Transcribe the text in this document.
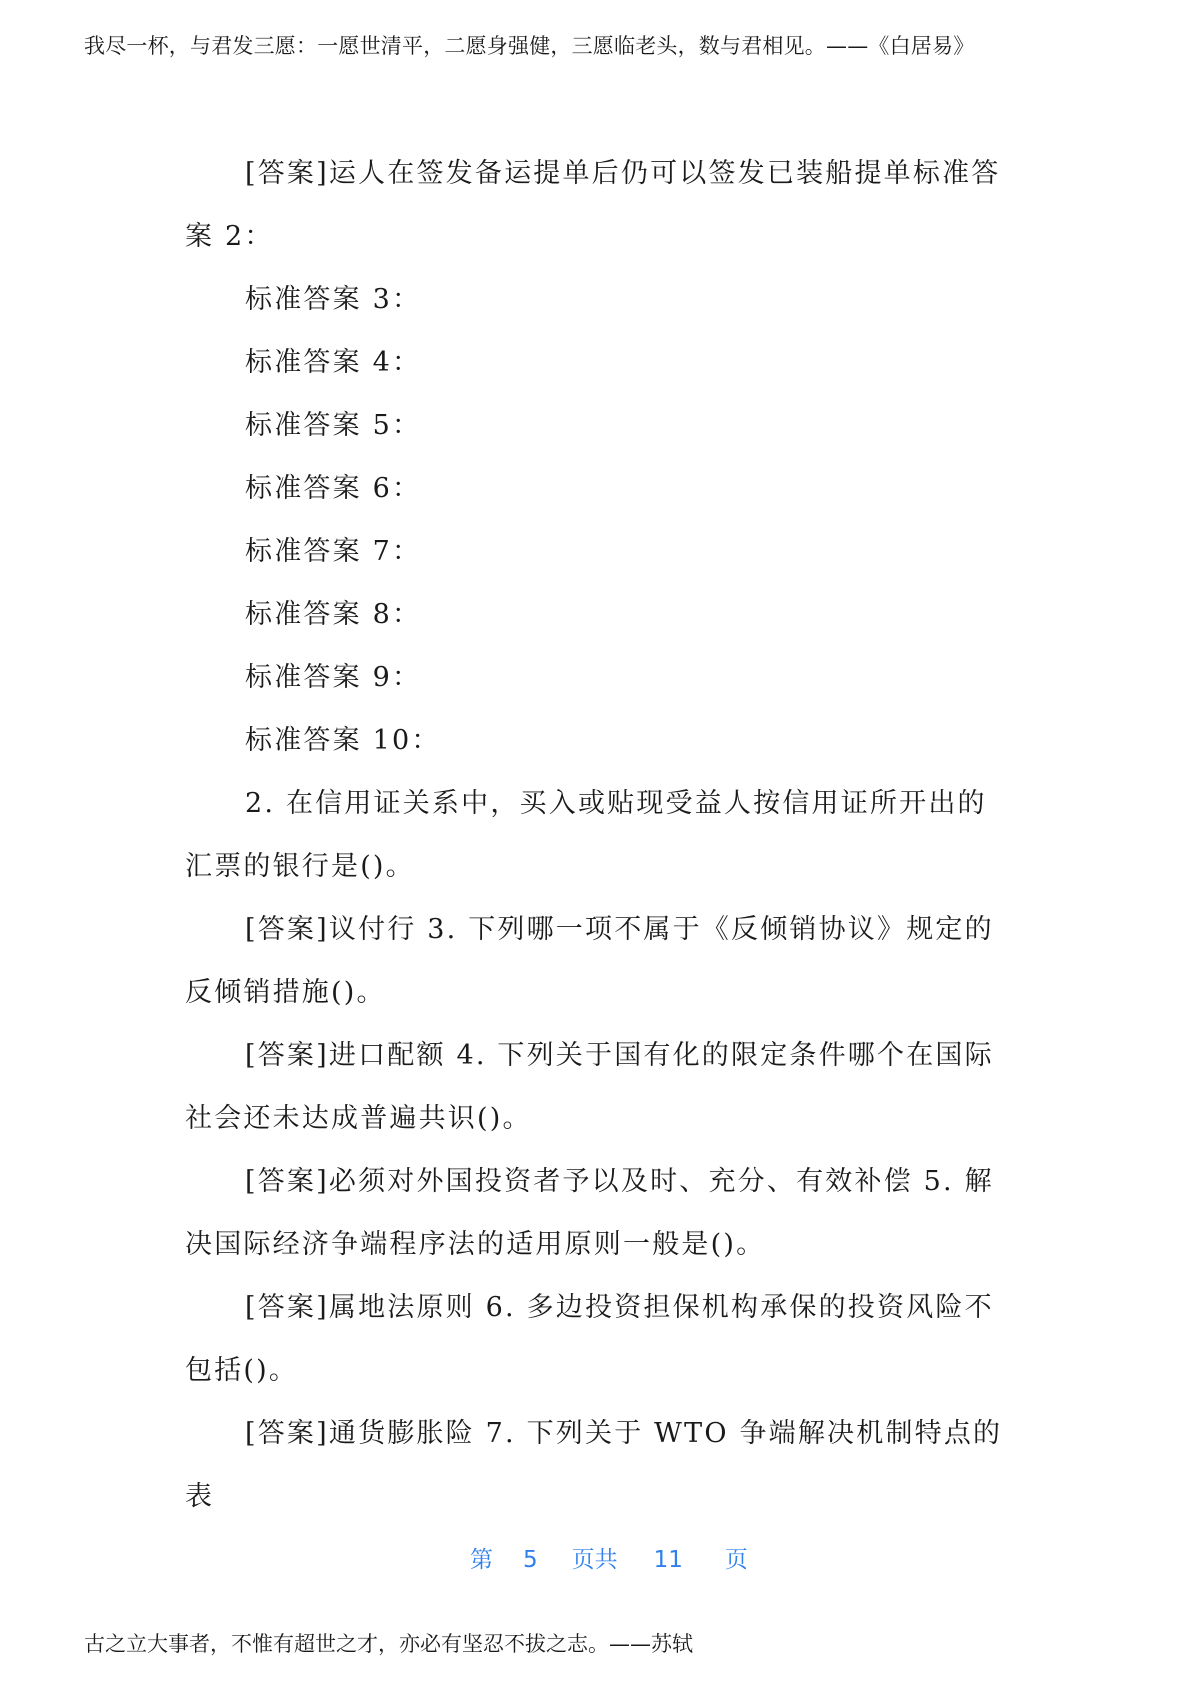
我尽一杯，与君发三愿：一愿世清平，二愿身强健，三愿临老头，数与君相见。——《白居易》

[答案]运人在签发备运提单后仍可以签发已装船提单标准答案 2：

标准答案 3：

标准答案 4：

标准答案 5：

标准答案 6：

标准答案 7：

标准答案 8：

标准答案 9：

标准答案 10：

2. 在信用证关系中，买入或贴现受益人按信用证所开出的汇票的银行是()。

[答案]议付行 3. 下列哪一项不属于《反倾销协议》规定的反倾销措施()。

[答案]进口配额 4. 下列关于国有化的限定条件哪个在国际社会还未达成普遍共识()。

[答案]必须对外国投资者予以及时、充分、有效补偿 5. 解决国际经济争端程序法的适用原则一般是()。

[答案]属地法原则 6. 多边投资担保机构承保的投资风险不包括()。

[答案]通货膨胀险 7. 下列关于 WTO 争端解决机制特点的表

第 5 页共 11 页
古之立大事者，不惟有超世之才，亦必有坚忍不拔之志。——苏轼
